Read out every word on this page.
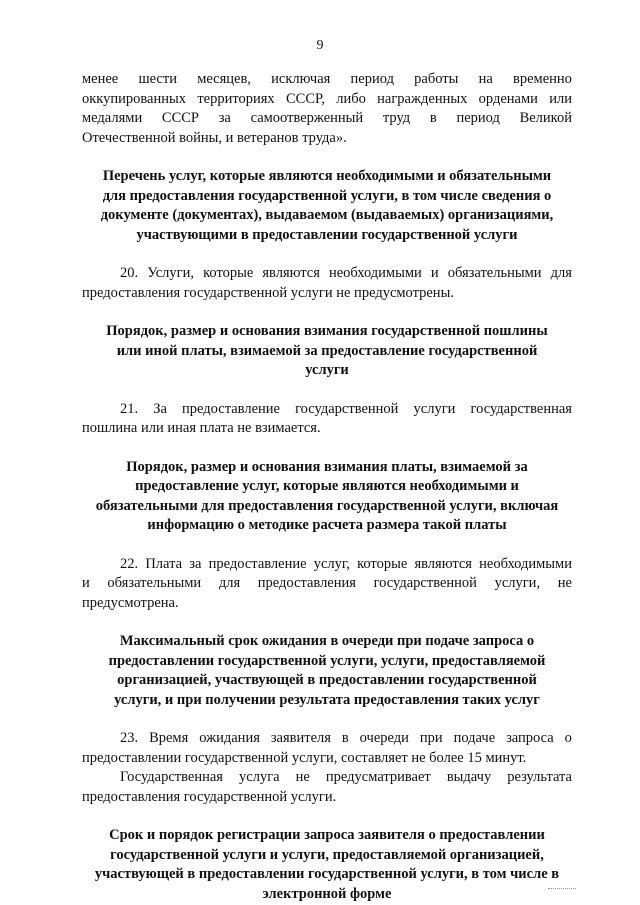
9
менее шести месяцев, исключая период работы на временно
оккупированных территориях СССР, либо награжденных орденами или
медалями СССР за самоотверженный труд в период Великой
Отечественной войны, и ветеранов труда».
Перечень услуг, которые являются необходимыми и обязательными
для предоставления государственной услуги, в том числе сведения о
документе (документах), выдаваемом (выдаваемых) организациями,
участвующими в предоставлении государственной услуги
20. Услуги, которые являются необходимыми и обязательными для
предоставления государственной услуги не предусмотрены.
Порядок, размер и основания взимания государственной пошлины
или иной платы, взимаемой за предоставление государственной
услуги
21. За предоставление государственной услуги государственная
пошлина или иная плата не взимается.
Порядок, размер и основания взимания платы, взимаемой за
предоставление услуг, которые являются необходимыми и
обязательными для предоставления государственной услуги, включая
информацию о методике расчета размера такой платы
22. Плата за предоставление услуг, которые являются необходимыми
и обязательными для предоставления государственной услуги, не
предусмотрена.
Максимальный срок ожидания в очереди при подаче запроса о
предоставлении государственной услуги, услуги, предоставляемой
организацией, участвующей в предоставлении государственной
услуги, и при получении результата предоставления таких услуг
23. Время ожидания заявителя в очереди при подаче запроса о
предоставлении государственной услуги, составляет не более 15 минут.
Государственная услуга не предусматривает выдачу результата
предоставления государственной услуги.
Срок и порядок регистрации запроса заявителя о предоставлении
государственной услуги и услуги, предоставляемой организацией,
участвующей в предоставлении государственной услуги, в том числе в
электронной форме
